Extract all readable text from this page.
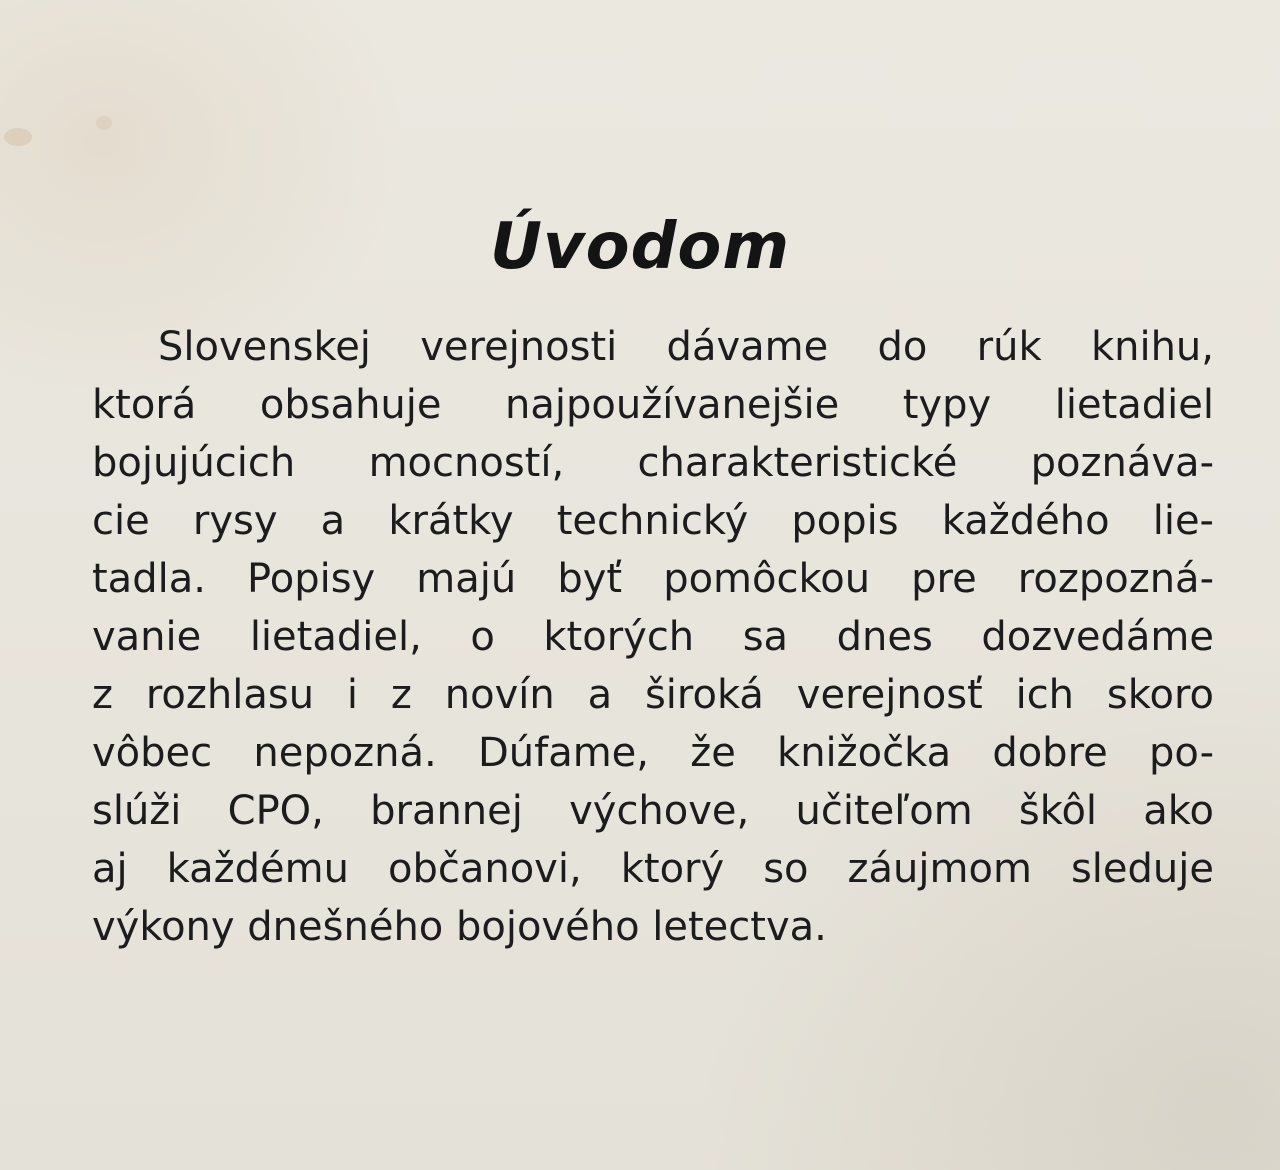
Úvodom
Slovenskej verejnosti dávame do rúk knihu,
ktorá obsahuje najpoužívanejšie typy lietadiel
bojujúcich mocností, charakteristické poznáva-
cie rysy a krátky technický popis každého lie-
tadla. Popisy majú byť pomôckou pre rozpozná-
vanie lietadiel, o ktorých sa dnes dozvedáme
z rozhlasu i z novín a široká verejnosť ich skoro
vôbec nepozná. Dúfame, že knižočka dobre po-
slúži CPO, brannej výchove, učiteľom škôl ako
aj každému občanovi, ktorý so záujmom sleduje
výkony dnešného bojového letectva.
